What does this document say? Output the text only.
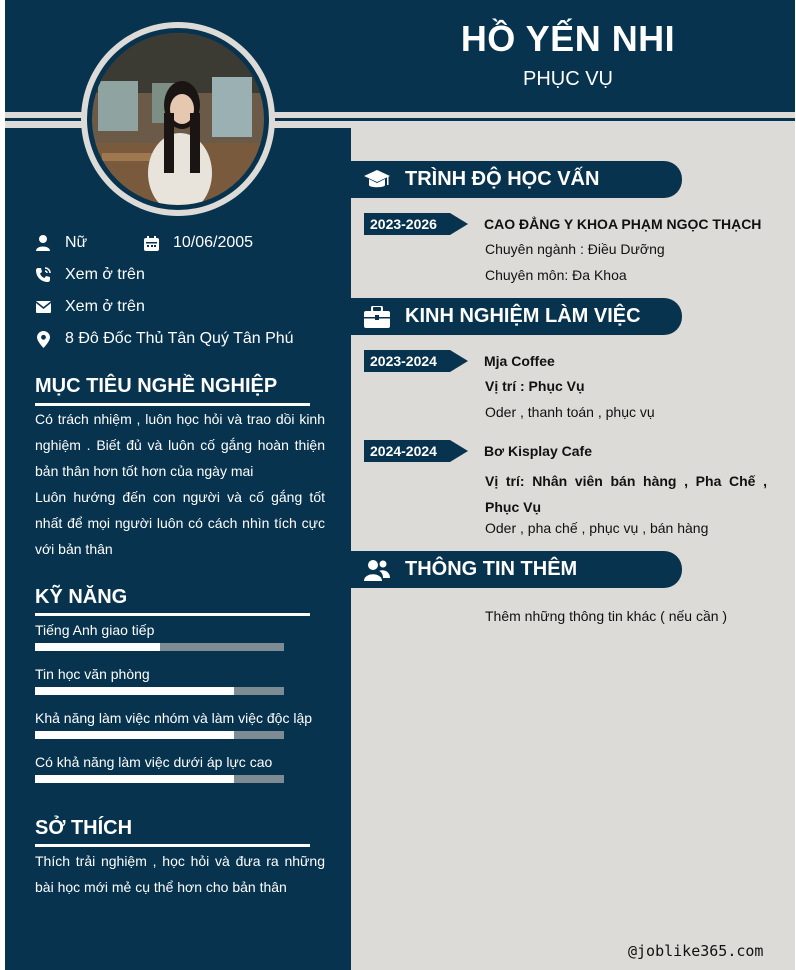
HỒ YẾN NHI
PHỤC VỤ
Nữ	10/06/2005
Xem ở trên
Xem ở trên
8 Đô Đốc Thủ Tân Quý Tân Phú
MỤC TIÊU NGHỀ NGHIỆP
Có trách nhiệm , luôn học hỏi và trao dồi kinh nghiệm . Biết đủ và luôn cố gắng hoàn thiện bản thân hơn tốt hơn của ngày mai
Luôn hướng đến con người và cố gắng tốt nhất để mọi người luôn có cách nhìn tích cực với bản thân
KỸ NĂNG
Tiếng Anh giao tiếp
Tin học văn phòng
Khả năng làm việc nhóm và làm việc độc lập
Có khả năng làm việc dưới áp lực cao
SỞ THÍCH
Thích trải nghiệm , học hỏi và đưa ra những bài học mới mẻ cụ thể hơn cho bản thân
TRÌNH ĐỘ HỌC VẤN
2023-2026	CAO ĐẲNG Y KHOA PHẠM NGỌC THẠCH
Chuyên ngành : Điều Dưỡng
Chuyên môn: Đa Khoa
KINH NGHIỆM LÀM VIỆC
2023-2024	Mja Coffee
Vị trí : Phục Vụ
Oder , thanh toán , phục vụ
2024-2024	Bơ Kisplay Cafe
Vị trí: Nhân viên bán hàng , Pha Chế , Phục Vụ
Oder , pha chế , phục vụ , bán hàng
THÔNG TIN THÊM
Thêm những thông tin khác ( nếu cần )
@joblike365.com
